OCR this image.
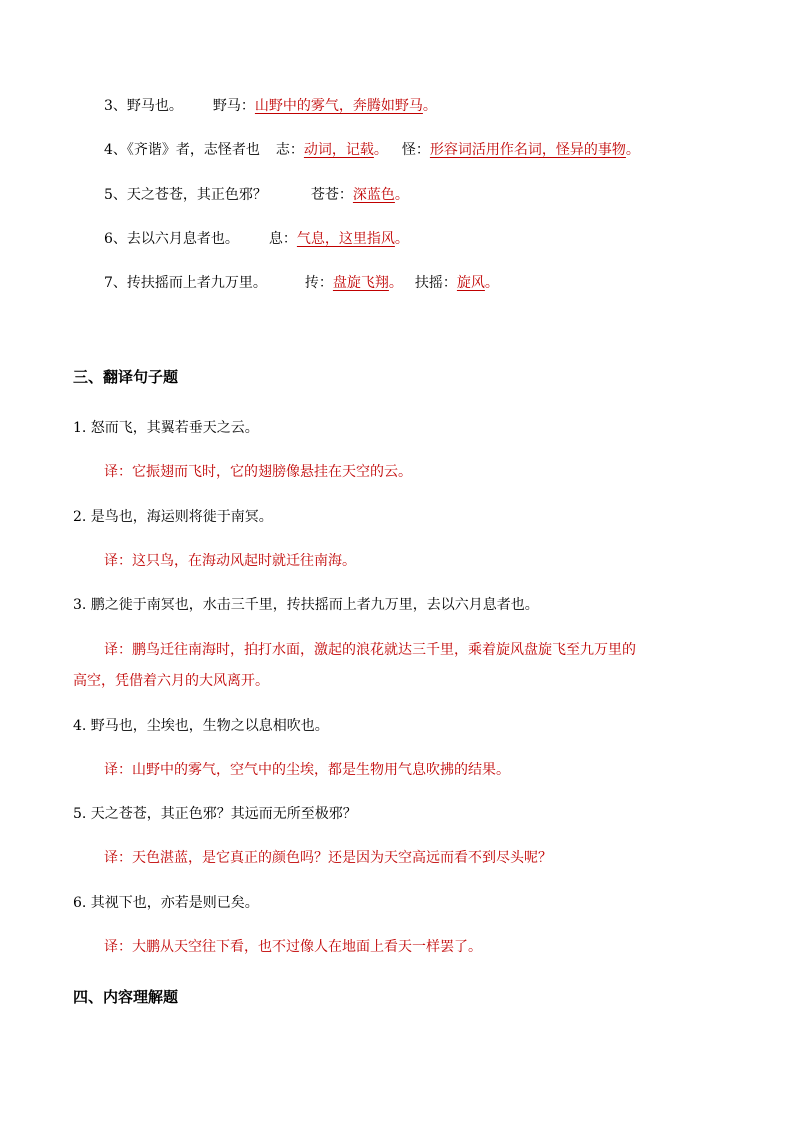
3、野马也。 野马：山野中的雾气，奔腾如野马。
4、《齐谐》者，志怪者也 志：动词，记载。 怪：形容词活用作名词，怪异的事物。
5、天之苍苍，其正色邪？	苍苍：深蓝色。
6、去以六月息者也。 息：气息，这里指风。
7、抟扶摇而上者九万里。	抟：盘旋飞翔。 扶摇：旋风。
三、翻译句子题
1. 怒而飞，其翼若垂天之云。
译：它振翅而飞时，它的翅膀像悬挂在天空的云。
2. 是鸟也，海运则将徙于南冥。
译：这只鸟，在海动风起时就迁往南海。
3. 鹏之徙于南冥也，水击三千里，抟扶摇而上者九万里，去以六月息者也。
译：鹏鸟迁往南海时，拍打水面，激起的浪花就达三千里，乘着旋风盘旋飞至九万里的
高空，凭借着六月的大风离开。
4. 野马也，尘埃也，生物之以息相吹也。
译：山野中的雾气，空气中的尘埃，都是生物用气息吹拂的结果。
5. 天之苍苍，其正色邪？其远而无所至极邪？
译：天色湛蓝，是它真正的颜色吗？还是因为天空高远而看不到尽头呢？
6. 其视下也，亦若是则已矣。
译：大鹏从天空往下看，也不过像人在地面上看天一样罢了。
四、内容理解题
